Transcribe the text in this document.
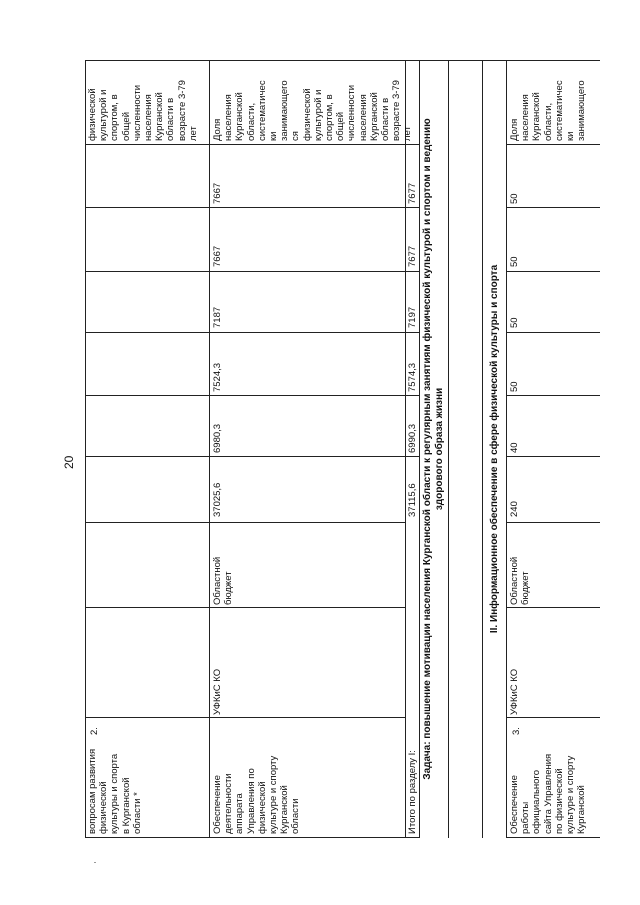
20
вопросам развития
физической
культуры и спорта
в Курганской
области *
физической
культурой и
спортом, в
общей
численности
населения
Курганской
области в
возрасте 3-79
лет
Обеспечение
деятельности
аппарата
Управления по
физической
культуре и спорту
Курганской
области
УФКиС КО
Областной
бюджет
37025,6
6980,3
7524,3
7187
7667
7667
Доля
населения
Курганской
области,
систематичес
ки
занимающего
ся
физической
культурой и
спортом, в
общей
численности
населения
Курганской
области в
возрасте 3-79
лет
Итого по разделу I:
37115,6
6990,3
7574,3
7197
7677
7677
Задача: повышение мотивации населения Курганской области к регулярным занятиям физической культурой и спортом и ведению
здорового образа жизни	II. Информационное обеспечение в сфере физической культуры и спорта
Обеспечение
работы
официального
сайта Управления
по физической
культуре и спорту
Курганской
УФКиС КО
Областной
бюджет
240
40
50
50
50
50
Доля
населения
Курганской
области,
систематичес
ки
занимающего
2.	3.
